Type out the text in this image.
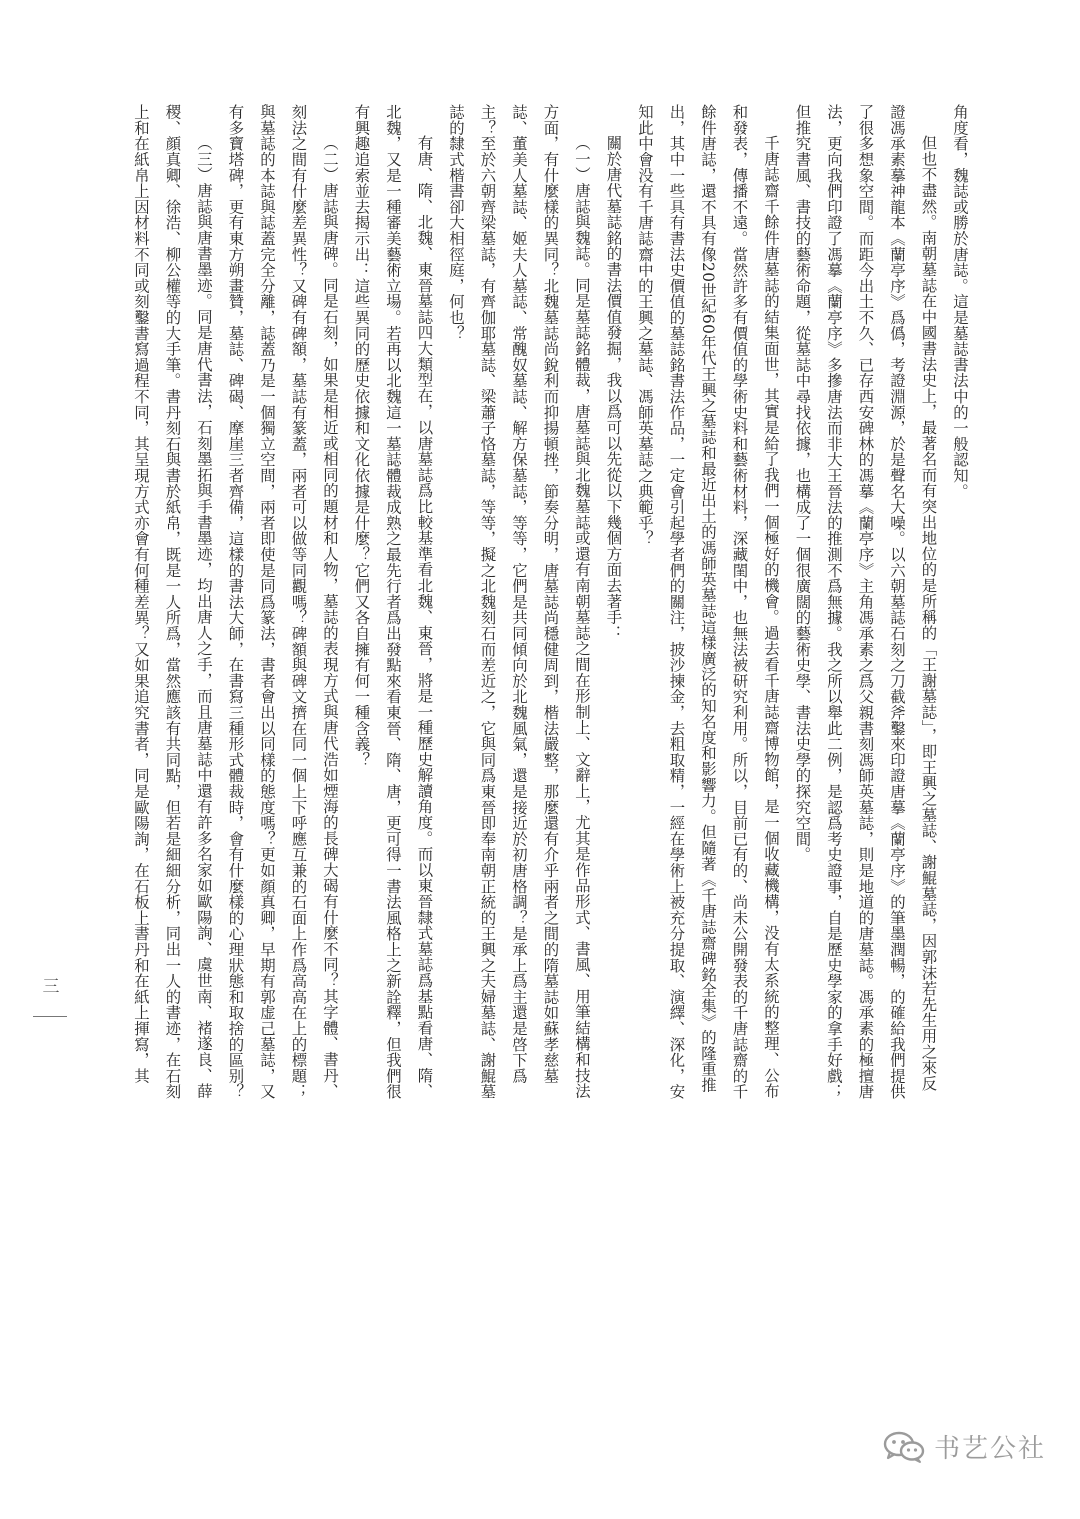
角度看，魏誌或勝於唐誌。這是墓誌書法中的一般認知。

但也不盡然。南朝墓誌在中國書法史上，最著名而有突出地位的是所稱的「王謝墓誌」，即王興之墓誌、謝鯤墓誌，因郭沫若先生用之來反證馮承素摹神龍本《蘭亭序》爲僞，考證淵源，於是聲名大噪。以六朝墓誌石刻之刀截斧鑿來印證唐摹《蘭亭序》的筆墨潤暢，的確給我們提供了很多想象空間。而距今出土不久、已存西安碑林的馮摹《蘭亭序》主角馮承素之爲父親書刻馮師英墓誌，則是地道的唐墓誌。馮承素的極擅唐法，更向我們印證了馮摹《蘭亭序》多摻唐法而非大王晉法的推測不爲無據。我之所以舉此二例，是認爲考史證事，自是歷史學家的拿手好戲；但推究書風、書技的藝術命題，從墓誌中尋找依據，也構成了一個很廣闊的藝術史學、書法史學的探究空間。

千唐誌齋千餘件唐墓誌的結集面世，其實是給了我們一個極好的機會。過去看千唐誌齋博物館，是一個收藏機構，没有太系統的整理、公布和發表，傳播不遠。當然許多有價值的學術史料和藝術材料，深藏閨中，也無法被研究利用。所以，目前已有的、尚未公開發表的千唐誌齋的千餘件唐誌，還不具有像20世紀60年代王興之墓誌和最近出土的馮師英墓誌這樣廣泛的知名度和影響力。但隨著《千唐誌齋碑銘全集》的隆重推出，其中一些具有書法史價值的墓誌銘書法作品，一定會引起學者們的關注，披沙揀金，去粗取精，一經在學術上被充分提取、演繹、深化，安知此中會没有千唐誌齋中的王興之墓誌、馮師英墓誌之典範乎？

關於唐代墓誌銘的書法價值發掘，我以爲可以先從以下幾個方面去著手：

（一）唐誌與魏誌。同是墓誌銘體裁，唐墓誌與北魏墓誌或還有南朝墓誌之間在形制上、文辭上，尤其是作品形式、書風、用筆結構和技法方面，有什麼樣的異同？北魏墓誌尚銳利而抑揚頓挫，節奏分明，唐墓誌尚穩健周到，楷法嚴整，那麼還有介乎兩者之間的隋墓誌如蘇孝慈墓誌、董美人墓誌、姬夫人墓誌、常醜奴墓誌、解方保墓誌，等等，它們是共同傾向於北魏風氣，還是接近於初唐格調？是承上爲主還是啓下爲主？至於六朝齊梁墓誌，有齊伽耶墓誌、梁蕭子恪墓誌，等等，擬之北魏刻石而差近之，它與同爲東晉即奉南朝正統的王興之夫婦墓誌、謝鯤墓誌的隸式楷書卻大相徑庭，何也？

有唐、隋、北魏、東晉墓誌四大類型在，以唐墓誌爲比較基準看北魏、東晉，將是一種歷史解讀角度。而以東晉隸式墓誌爲基點看唐、隋、北魏，又是一種審美藝術立場。若再以北魏這一墓誌體裁成熟之最先行者爲出發點來看東晉、隋、唐，更可得一書法風格上之新詮釋，但我們很有興趣追索並去揭示出：這些異同的歷史依據和文化依據是什麼？它們又各自擁有何一種含義？

（二）唐誌與唐碑。同是石刻，如果是相近或相同的題材和人物，墓誌的表現方式與唐代浩如煙海的長碑大碣有什麼不同？其字體、書丹、刻法之間有什麼差異性？又碑有碑額，墓誌有篆蓋，兩者可以做等同觀嗎？碑額與碑文擠在同一個上下呼應互兼的石面上作爲高高在上的標題；與墓誌的本誌與誌蓋完全分離，誌蓋乃是一個獨立空間，兩者即使是同爲篆法，書者會出以同樣的態度嗎？更如顔真卿，早期有郭虚己墓誌，又有多寶塔碑，更有東方朔畫贊，墓誌、碑碣、摩崖三者齊備，這樣的書法大師，在書寫三種形式體裁時，會有什麼樣的心理狀態和取捨的區别？

（三）唐誌與唐書墨迹。同是唐代書法，石刻墨拓與手書墨迹，均出唐人之手，而且唐墓誌中還有許多名家如歐陽詢、虞世南、褚遂良、薛稷、顔真卿、徐浩、柳公權等的大手筆。書丹刻石與書於紙帛，既是一人所爲，當然應該有共同點，但若是細細分析，同出一人的書迹，在石刻上和在紙帛上因材料不同或刻鑿書寫過程不同，其呈現方式亦會有何種差異？又如果追究書者，同是歐陽詢，在石板上書丹和在紙上揮寫，其

三
书艺公社
